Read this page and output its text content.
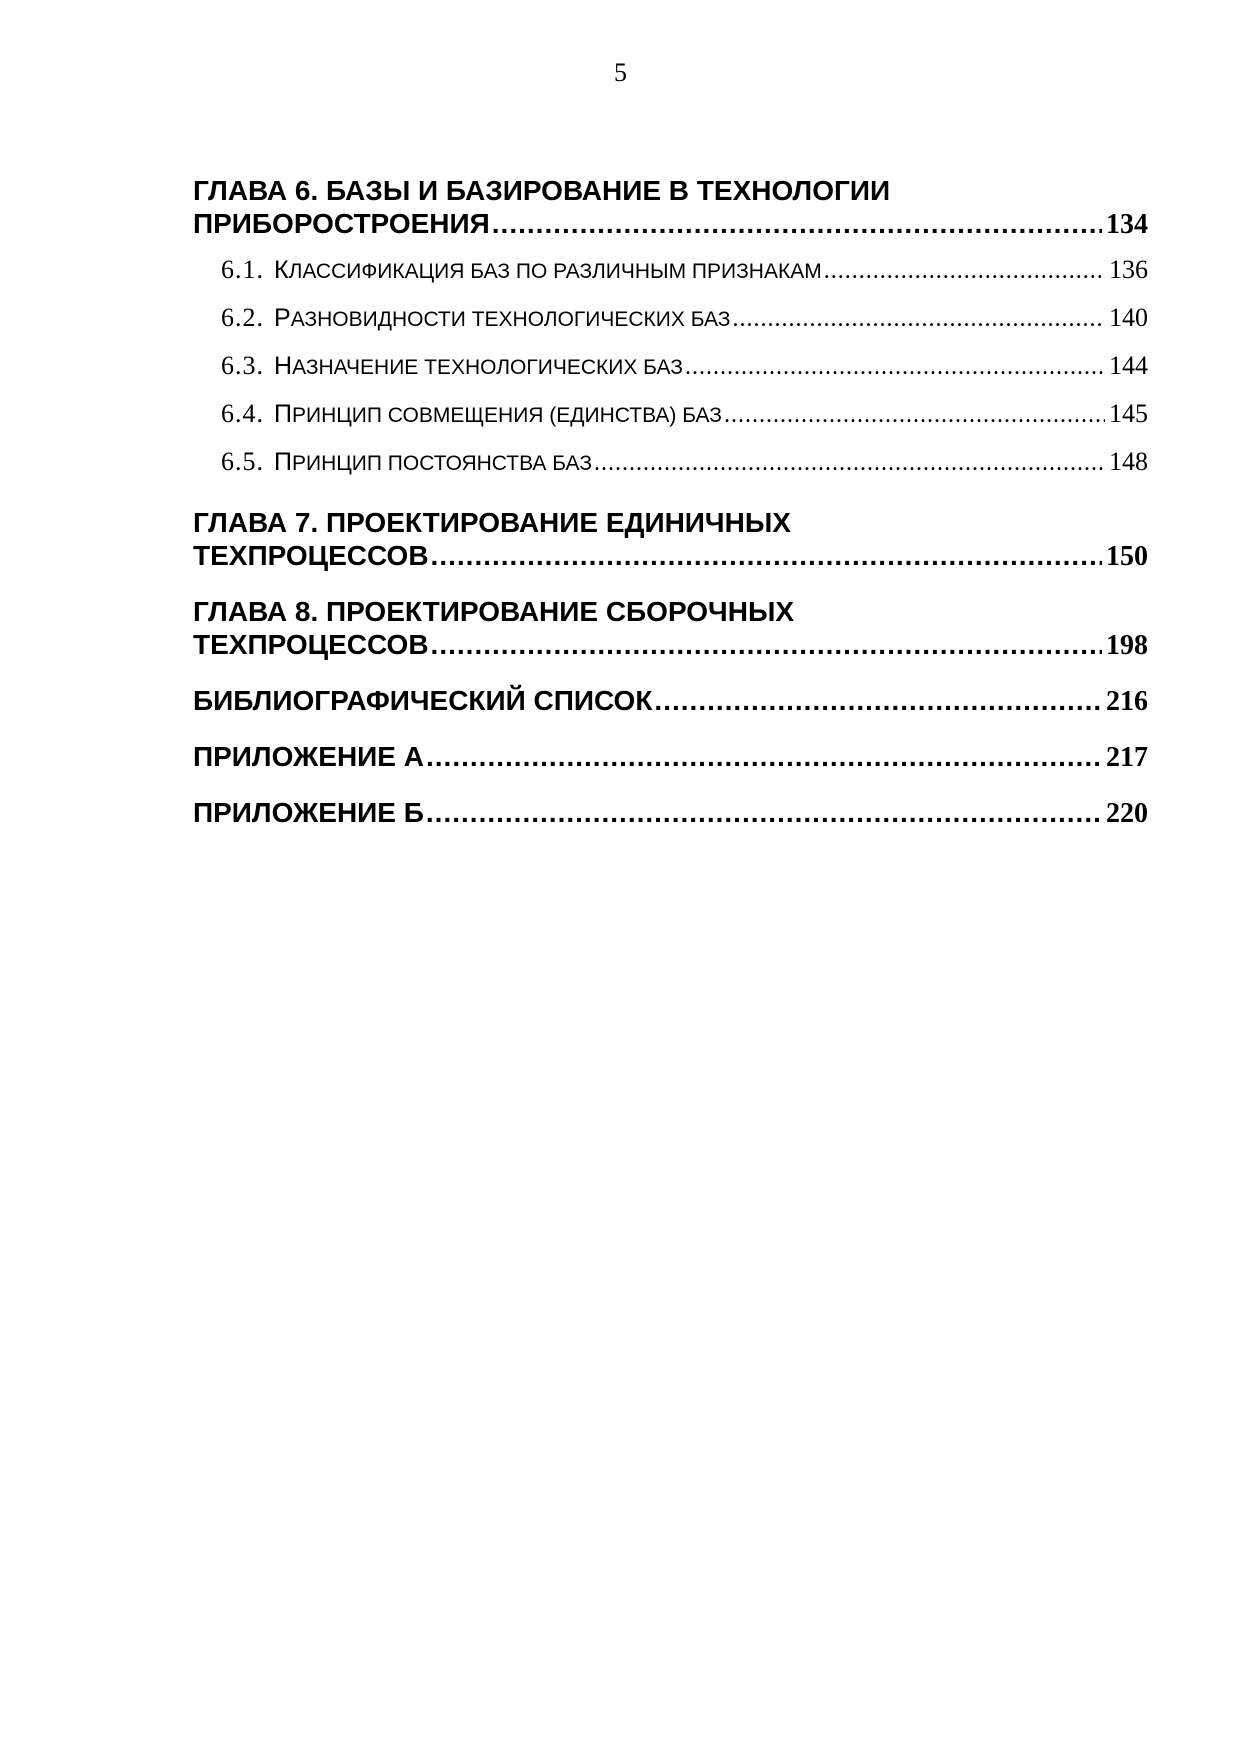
5
ГЛАВА 6. БАЗЫ И БАЗИРОВАНИЕ В ТЕХНОЛОГИИ
ПРИБОРОСТРОЕНИЯ .....	134
6.1. КЛАССИФИКАЦИЯ БАЗ ПО РАЗЛИЧНЫМ ПРИЗНАКАМ .....	136
6.2. РАЗНОВИДНОСТИ ТЕХНОЛОГИЧЕСКИХ БАЗ .....	140
6.3. НАЗНАЧЕНИЕ ТЕХНОЛОГИЧЕСКИХ БАЗ .....	144
6.4. ПРИНЦИП СОВМЕЩЕНИЯ (ЕДИНСТВА) БАЗ .....	145
6.5. ПРИНЦИП ПОСТОЯНСТВА БАЗ .....	148
ГЛАВА 7. ПРОЕКТИРОВАНИЕ ЕДИНИЧНЫХ
ТЕХПРОЦЕССОВ .....	150
ГЛАВА 8. ПРОЕКТИРОВАНИЕ СБОРОЧНЫХ
ТЕХПРОЦЕССОВ .....	198
БИБЛИОГРАФИЧЕСКИЙ СПИСОК .....	216
ПРИЛОЖЕНИЕ А .....	217
ПРИЛОЖЕНИЕ Б .....	220
